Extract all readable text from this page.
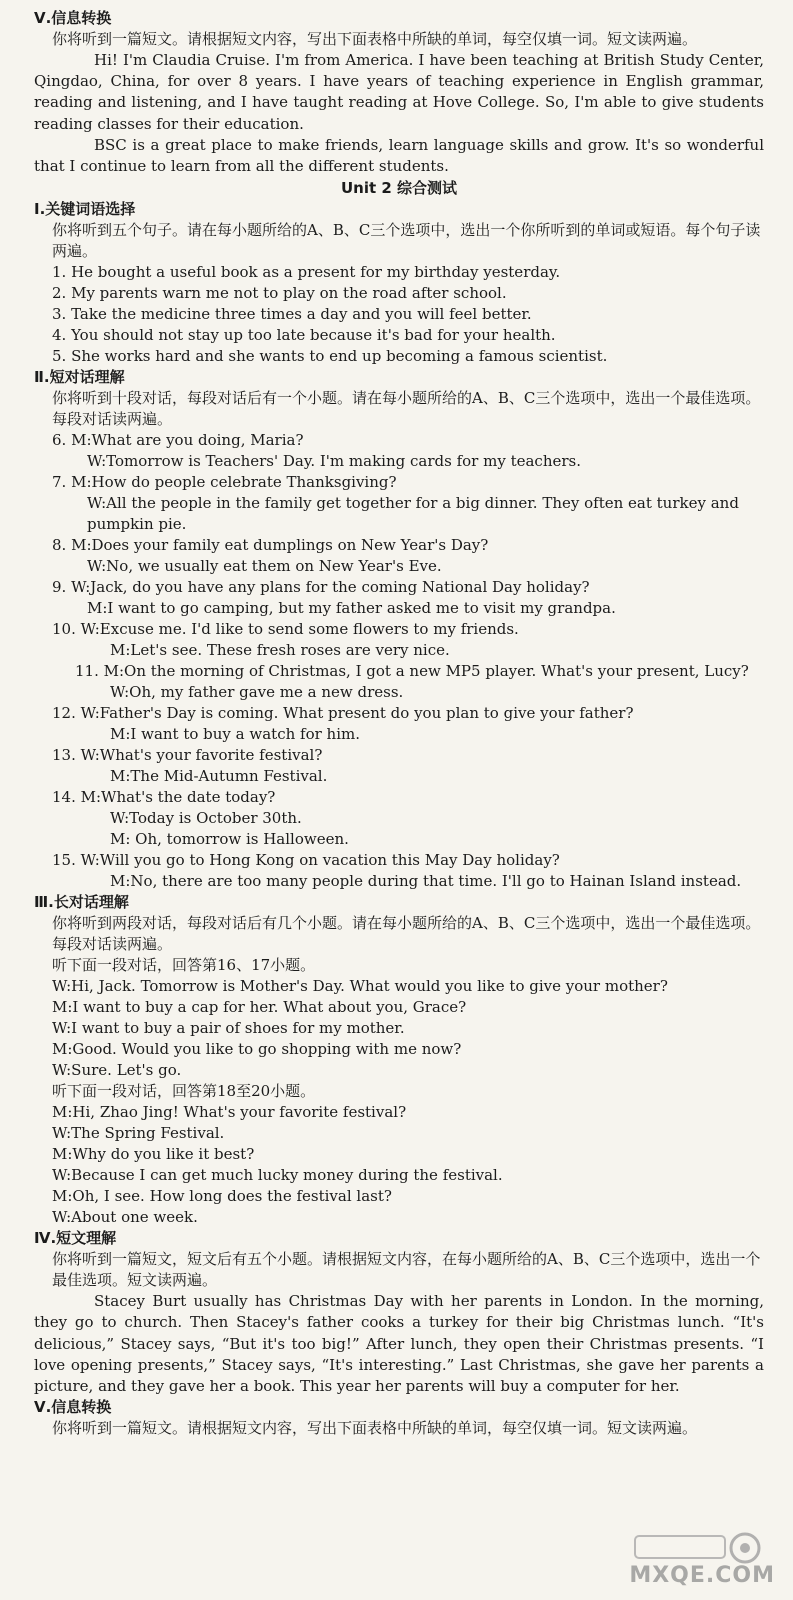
Ⅴ.信息转换

你将听到一篇短文。请根据短文内容，写出下面表格中所缺的单词，每空仅填一词。短文读两遍。

Hi! I'm Claudia Cruise. I'm from America. I have been teaching at British Study Center, Qingdao, China, for over 8 years. I have years of teaching experience in English grammar, reading and listening, and I have taught reading at Hove College. So, I'm able to give students reading classes for their education.

BSC is a great place to make friends, learn language skills and grow. It's so wonderful that I continue to learn from all the different students.

Unit 2 综合测试

Ⅰ.关键词语选择

你将听到五个句子。请在每小题所给的A、B、C三个选项中，选出一个你所听到的单词或短语。每个句子读两遍。

1. He bought a useful book as a present for my birthday yesterday.
2. My parents warn me not to play on the road after school.
3. Take the medicine three times a day and you will feel better.
4. You should not stay up too late because it's bad for your health.
5. She works hard and she wants to end up becoming a famous scientist.

Ⅱ.短对话理解

你将听到十段对话，每段对话后有一个小题。请在每小题所给的A、B、C三个选项中，选出一个最佳选项。每段对话读两遍。

6. M:What are you doing, Maria?
W:Tomorrow is Teachers' Day. I'm making cards for my teachers.
7. M:How do people celebrate Thanksgiving?
W:All the people in the family get together for a big dinner. They often eat turkey and pumpkin pie.
8. M:Does your family eat dumplings on New Year's Day?
W:No, we usually eat them on New Year's Eve.
9. W:Jack, do you have any plans for the coming National Day holiday?
M:I want to go camping, but my father asked me to visit my grandpa.
10. W:Excuse me. I'd like to send some flowers to my friends.
M:Let's see. These fresh roses are very nice.
11. M:On the morning of Christmas, I got a new MP5 player. What's your present, Lucy?
W:Oh, my father gave me a new dress.
12. W:Father's Day is coming. What present do you plan to give your father?
M:I want to buy a watch for him.
13. W:What's your favorite festival?
M:The Mid-Autumn Festival.
14. M:What's the date today?
W:Today is October 30th.
M: Oh, tomorrow is Halloween.
15. W:Will you go to Hong Kong on vacation this May Day holiday?
M:No, there are too many people during that time. I'll go to Hainan Island instead.

Ⅲ.长对话理解

你将听到两段对话，每段对话后有几个小题。请在每小题所给的A、B、C三个选项中，选出一个最佳选项。每段对话读两遍。

听下面一段对话，回答第16、17小题。
W:Hi, Jack. Tomorrow is Mother's Day. What would you like to give your mother?
M:I want to buy a cap for her. What about you, Grace?
W:I want to buy a pair of shoes for my mother.
M:Good. Would you like to go shopping with me now?
W:Sure. Let's go.
听下面一段对话，回答第18至20小题。
M:Hi, Zhao Jing! What's your favorite festival?
W:The Spring Festival.
M:Why do you like it best?
W:Because I can get much lucky money during the festival.
M:Oh, I see. How long does the festival last?
W:About one week.

Ⅳ.短文理解

你将听到一篇短文，短文后有五个小题。请根据短文内容，在每小题所给的A、B、C三个选项中，选出一个最佳选项。短文读两遍。

Stacey Burt usually has Christmas Day with her parents in London. In the morning, they go to church. Then Stacey's father cooks a turkey for their big Christmas lunch. “It's delicious,” Stacey says, “But it's too big!” After lunch, they open their Christmas presents. “I love opening presents,” Stacey says, “It's interesting.” Last Christmas, she gave her parents a picture, and they gave her a book. This year her parents will buy a computer for her.

Ⅴ.信息转换

你将听到一篇短文。请根据短文内容，写出下面表格中所缺的单词，每空仅填一词。短文读两遍。

MXQE.COM
